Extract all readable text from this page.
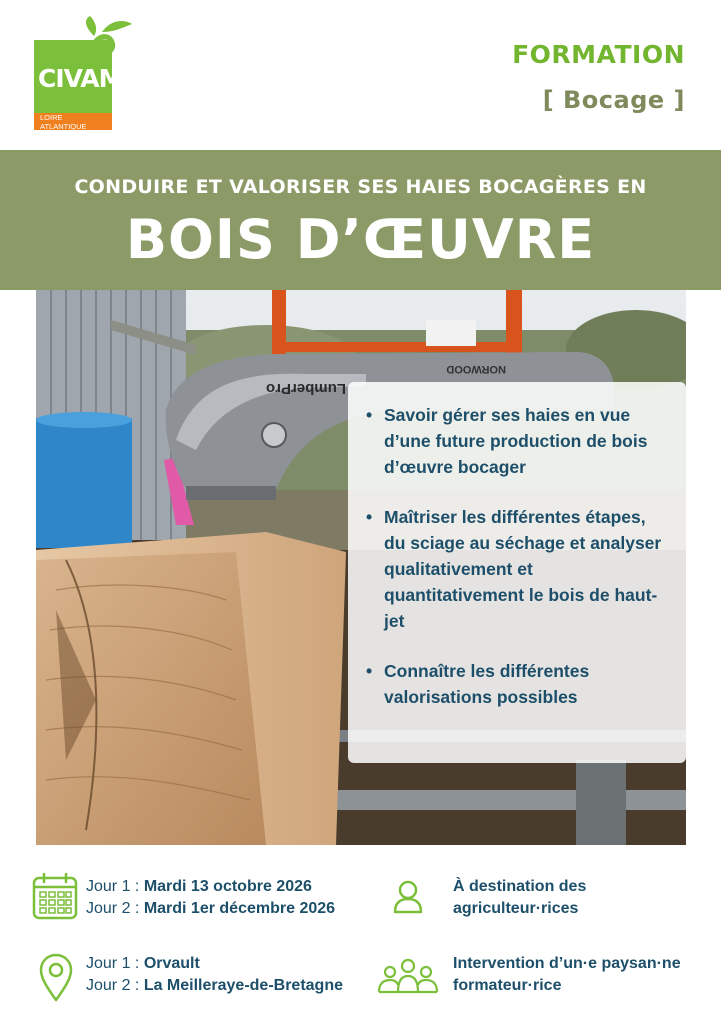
CIVAM
LOIRE
ATLANTIQUE
FORMATION
[ Bocage ]
CONDUIRE ET VALORISER SES HAIES BOCAGÈRES EN
BOIS D’ŒUVRE
LumberPro
NORWOOD
• Savoir gérer ses haies en vue d’une future production de bois d’œuvre bocager
• Maîtriser les différentes étapes, du sciage au séchage et analyser qualitativement et quantitativement le bois de haut-jet
• Connaître les différentes valorisations possibles
Jour 1 : Mardi 13 octobre 2026
Jour 2 : Mardi 1er décembre 2026
À destination des
agriculteur·rices
Jour 1 : Orvault
Jour 2 : La Meilleraye-de-Bretagne
Intervention d’un·e paysan·ne
formateur·rice
